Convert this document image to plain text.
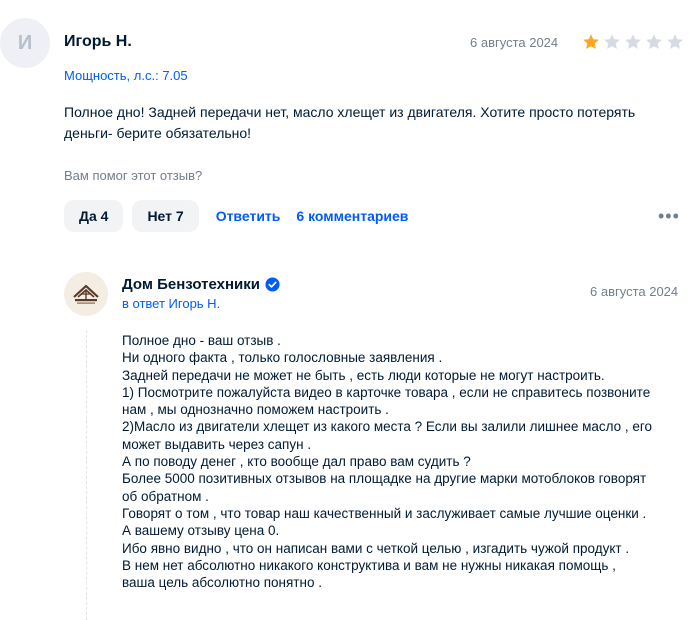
И Игорь Н.	6 августа 2024
Мощность, л.с.: 7.05

Полное дно! Задней передачи нет, масло хлещет из двигателя. Хотите просто потерять деньги- берите обязательно!

Вам помог этот отзыв?
Да 4	Нет 7	Ответить 6 комментариев	•••
Дом Бензотехники
в ответ Игорь Н.
6 августа 2024
Полное дно - ваш отзыв .
Ни одного факта , только голословные заявления .
Задней передачи не может не быть , есть люди которые не могут настроить.
1) Посмотрите пожалуйста видео в карточке товара , если не справитесь позвоните
нам , мы однозначно поможем настроить .
2)Масло из двигатели хлещет из какого места ? Если вы залили лишнее масло , его
может выдавить через сапун .
А по поводу денег , кто вообще дал право вам судить ?
Более 5000 позитивных отзывов на площадке на другие марки мотоблоков говорят
об обратном .
Говорят о том , что товар наш качественный и заслуживает самые лучшие оценки .
А вашему отзыву цена 0.
Ибо явно видно , что он написан вами с четкой целью , изгадить чужой продукт .
В нем нет абсолютно никакого конструктива и вам не нужны никакая помощь ,
ваша цель абсолютно понятно .
